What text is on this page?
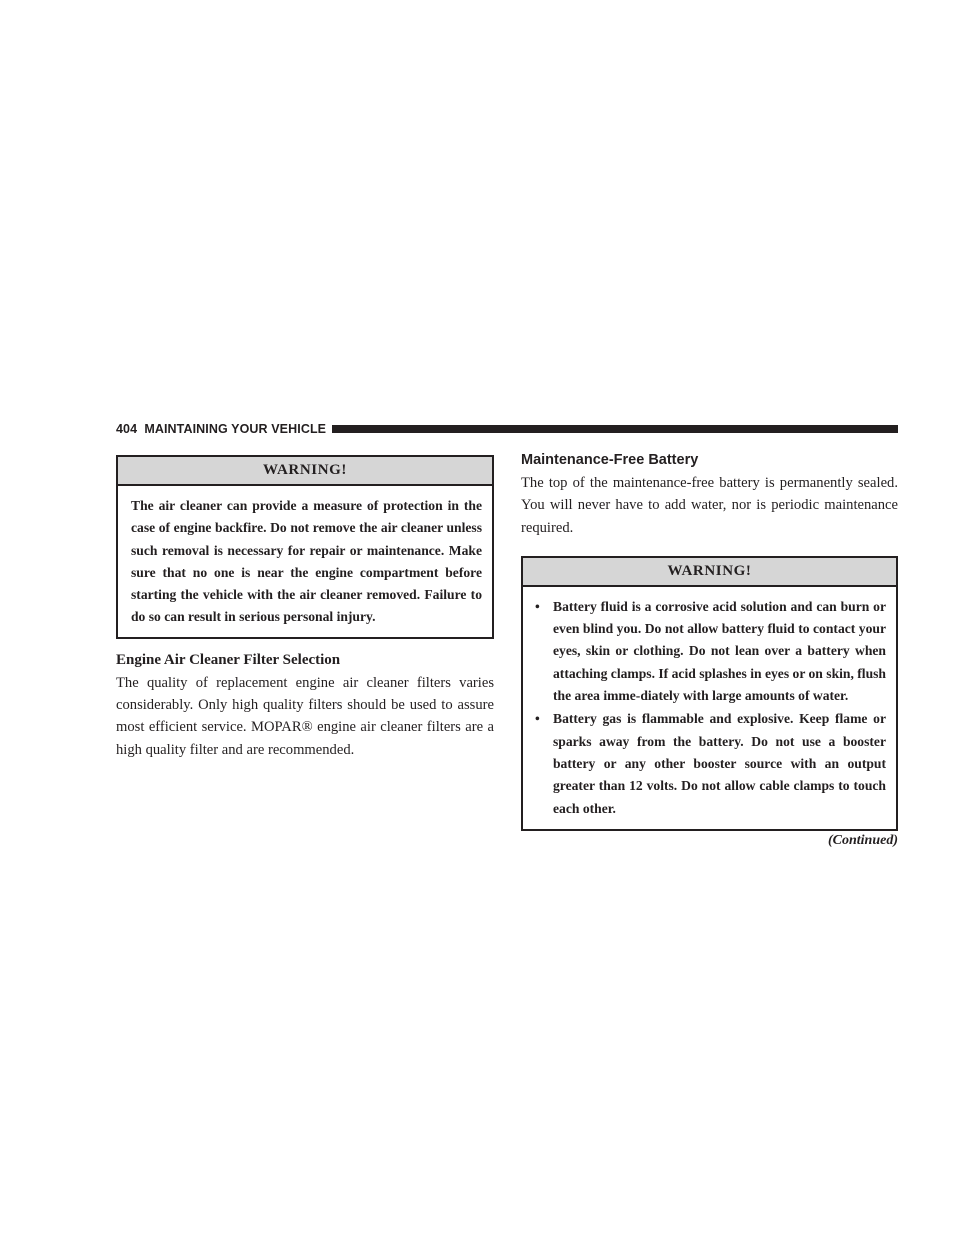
404 MAINTAINING YOUR VEHICLE
WARNING!
The air cleaner can provide a measure of protection in the case of engine backfire. Do not remove the air cleaner unless such removal is necessary for repair or maintenance. Make sure that no one is near the engine compartment before starting the vehicle with the air cleaner removed. Failure to do so can result in serious personal injury.
Engine Air Cleaner Filter Selection

The quality of replacement engine air cleaner filters varies considerably. Only high quality filters should be used to assure most efficient service. MOPAR® engine air cleaner filters are a high quality filter and are recommended.

Maintenance-Free Battery

The top of the maintenance-free battery is permanently sealed. You will never have to add water, nor is periodic maintenance required.

WARNING!
• Battery fluid is a corrosive acid solution and can burn or even blind you. Do not allow battery fluid to contact your eyes, skin or clothing. Do not lean over a battery when attaching clamps. If acid splashes in eyes or on skin, flush the area imme-diately with large amounts of water.
• Battery gas is flammable and explosive. Keep flame or sparks away from the battery. Do not use a booster battery or any other booster source with an output greater than 12 volts. Do not allow cable clamps to touch each other.
(Continued)
